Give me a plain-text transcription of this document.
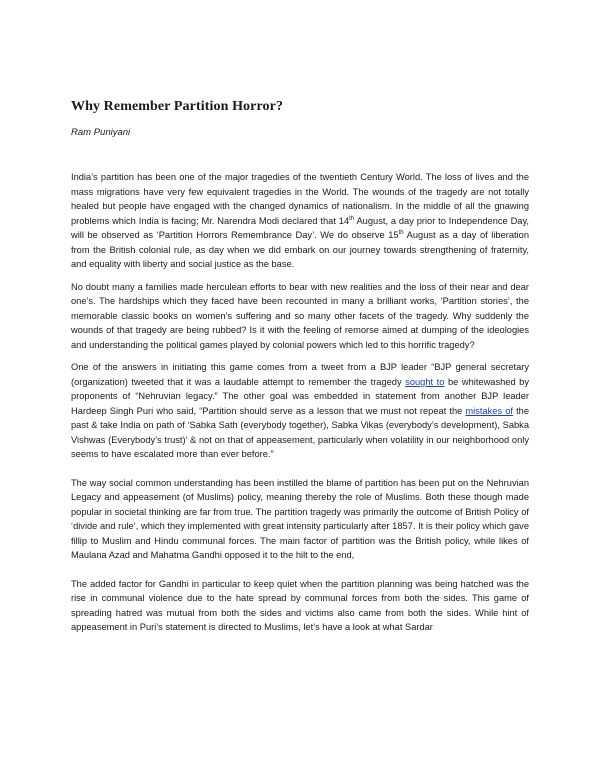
Why Remember Partition Horror?

Ram Puniyani

India’s partition has been one of the major tragedies of the twentieth Century World. The loss of lives and the mass migrations have very few equivalent tragedies in the World. The wounds of the tragedy are not totally healed but people have engaged with the changed dynamics of nationalism. In the middle of all the gnawing problems which India is facing; Mr. Narendra Modi declared that 14th August, a day prior to Independence Day, will be observed as ‘Partition Horrors Remembrance Day’. We do observe 15th August as a day of liberation from the British colonial rule, as day when we did embark on our journey towards strengthening of fraternity, and equality with liberty and social justice as the base.

No doubt many a families made herculean efforts to bear with new realities and the loss of their near and dear one’s. The hardships which they faced have been recounted in many a brilliant works, ‘Partition stories’, the memorable classic books on women’s suffering and so many other facets of the tragedy. Why suddenly the wounds of that tragedy are being rubbed? Is it with the feeling of remorse aimed at dumping of the ideologies and understanding the political games played by colonial powers which led to this horrific tragedy?

One of the answers in initiating this game comes from a tweet from a BJP leader “BJP general secretary (organization) tweeted that it was a laudable attempt to remember the tragedy sought to be whitewashed by proponents of “Nehruvian legacy.” The other goal was embedded in statement from another BJP leader Hardeep Singh Puri who said, “Partition should serve as a lesson that we must not repeat the mistakes of the past & take India on path of ‘Sabka Sath (everybody together), Sabka Vikas (everybody’s development), Sabka Vishwas (Everybody’s trust)’ & not on that of appeasement, particularly when volatility in our neighborhood only seems to have escalated more than ever before.”

The way social common understanding has been instilled the blame of partition has been put on the Nehruvian Legacy and appeasement (of Muslims) policy, meaning thereby the role of Muslims. Both these though made popular in societal thinking are far from true. The partition tragedy was primarily the outcome of British Policy of ‘divide and rule’, which they implemented with great intensity particularly after 1857. It is their policy which gave fillip to Muslim and Hindu communal forces. The main factor of partition was the British policy, while likes of Maulana Azad and Mahatma Gandhi opposed it to the hilt to the end,

The added factor for Gandhi in particular to keep quiet when the partition planning was being hatched was the rise in communal violence due to the hate spread by communal forces from both the sides. This game of spreading hatred was mutual from both the sides and victims also came from both the sides. While hint of appeasement in Puri’s statement is directed to Muslims, let’s have a look at what Sardar
